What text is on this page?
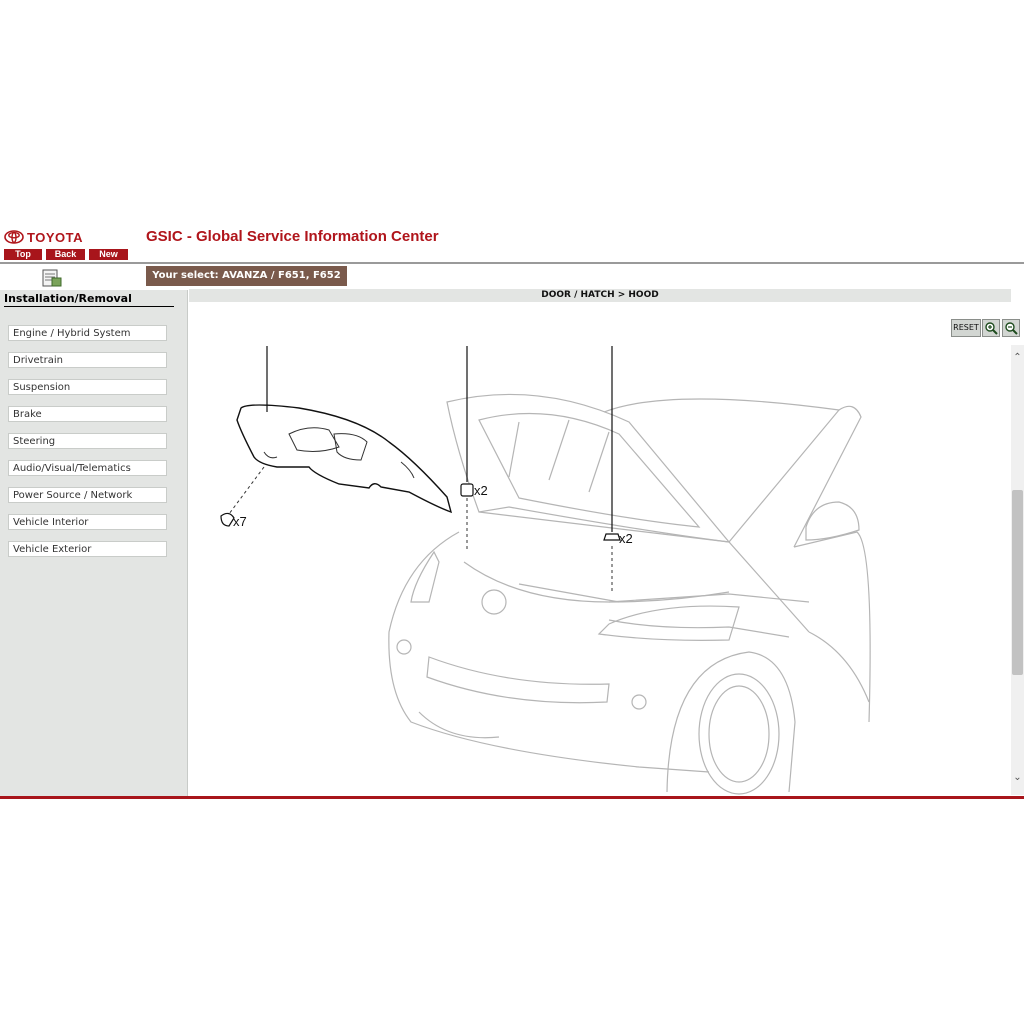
TOYOTA	GSIC - Global Service Information Center
Top	Back	New
Your select: AVANZA / F651, F652
Installation/Removal
Engine / Hybrid System
Drivetrain
Suspension
Brake
Steering
Audio/Visual/Telematics
Power Source / Network
Vehicle Interior
Vehicle Exterior
DOOR / HATCH > HOOD
RESET
x7
x2
x2
⌃
⌄
